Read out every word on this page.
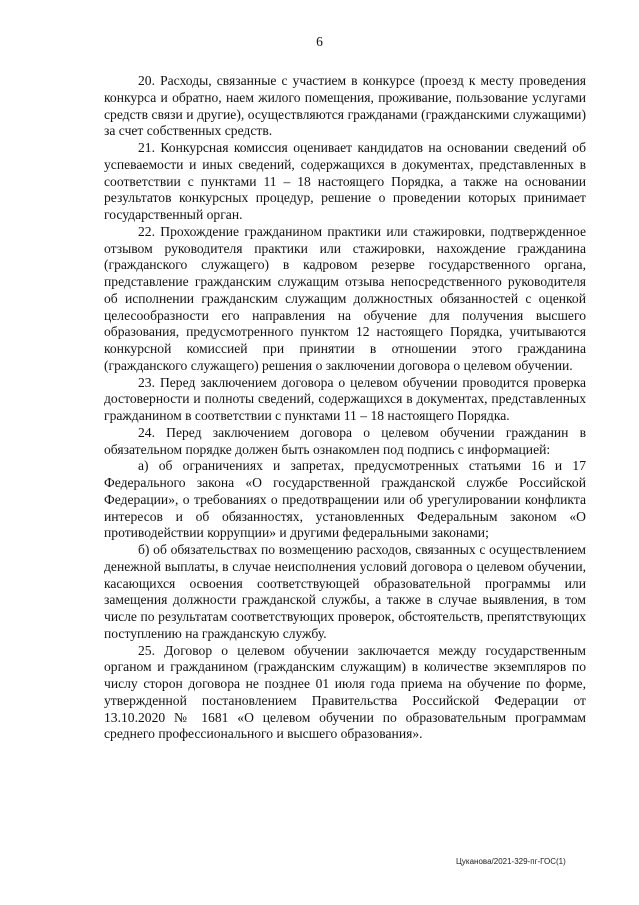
6

20. Расходы, связанные с участием в конкурсе (проезд к месту проведения конкурса и обратно, наем жилого помещения, проживание, пользование услугами средств связи и другие), осуществляются гражданами (гражданскими служащими) за счет собственных средств.

21. Конкурсная комиссия оценивает кандидатов на основании сведений об успеваемости и иных сведений, содержащихся в документах, представленных в соответствии с пунктами 11 – 18 настоящего Порядка, а также на основании результатов конкурсных процедур, решение о проведении которых принимает государственный орган.

22. Прохождение гражданином практики или стажировки, подтвержденное отзывом руководителя практики или стажировки, нахождение гражданина (гражданского служащего) в кадровом резерве государственного органа, представление гражданским служащим отзыва непосредственного руководителя об исполнении гражданским служащим должностных обязанностей с оценкой целесообразности его направления на обучение для получения высшего образования, предусмотренного пунктом 12 настоящего Порядка, учитываются конкурсной комиссией при принятии в отношении этого гражданина (гражданского служащего) решения о заключении договора о целевом обучении.

23. Перед заключением договора о целевом обучении проводится проверка достоверности и полноты сведений, содержащихся в документах, представленных гражданином в соответствии с пунктами 11 – 18 настоящего Порядка.

24. Перед заключением договора о целевом обучении гражданин в обязательном порядке должен быть ознакомлен под подпись с информацией:

а) об ограничениях и запретах, предусмотренных статьями 16 и 17 Федерального закона «О государственной гражданской службе Российской Федерации», о требованиях о предотвращении или об урегулировании конфликта интересов и об обязанностях, установленных Федеральным законом «О противодействии коррупции» и другими федеральными законами;

б) об обязательствах по возмещению расходов, связанных с осуществлением денежной выплаты, в случае неисполнения условий договора о целевом обучении, касающихся освоения соответствующей образовательной программы или замещения должности гражданской службы, а также в случае выявления, в том числе по результатам соответствующих проверок, обстоятельств, препятствующих поступлению на гражданскую службу.

25. Договор о целевом обучении заключается между государственным органом и гражданином (гражданским служащим) в количестве экземпляров по числу сторон договора не позднее 01 июля года приема на обучение по форме, утвержденной постановлением Правительства Российской Федерации от 13.10.2020 № 1681 «О целевом обучении по образовательным программам среднего профессионального и высшего образования».

Цуканова/2021-329-пг-ГОС(1)
